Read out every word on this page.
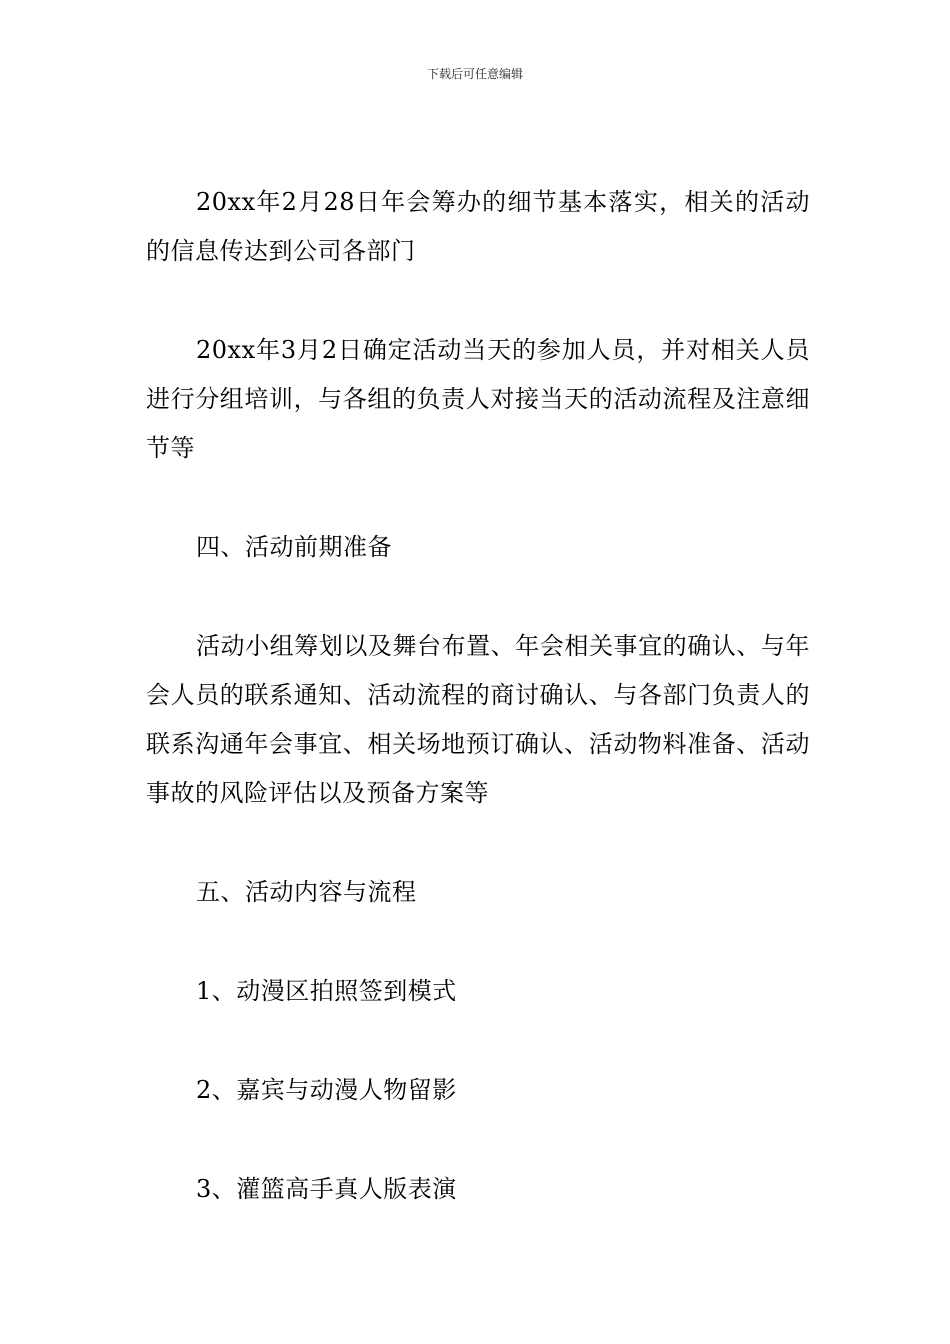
下载后可任意编辑

20xx年2月28日年会筹办的细节基本落实，相关的活动的信息传达到公司各部门

20xx年3月2日确定活动当天的参加人员，并对相关人员进行分组培训，与各组的负责人对接当天的活动流程及注意细节等

四、活动前期准备

活动小组筹划以及舞台布置、年会相关事宜的确认、与年会人员的联系通知、活动流程的商讨确认、与各部门负责人的联系沟通年会事宜、相关场地预订确认、活动物料准备、活动事故的风险评估以及预备方案等

五、活动内容与流程

1、动漫区拍照签到模式

2、嘉宾与动漫人物留影

3、灌篮高手真人版表演
